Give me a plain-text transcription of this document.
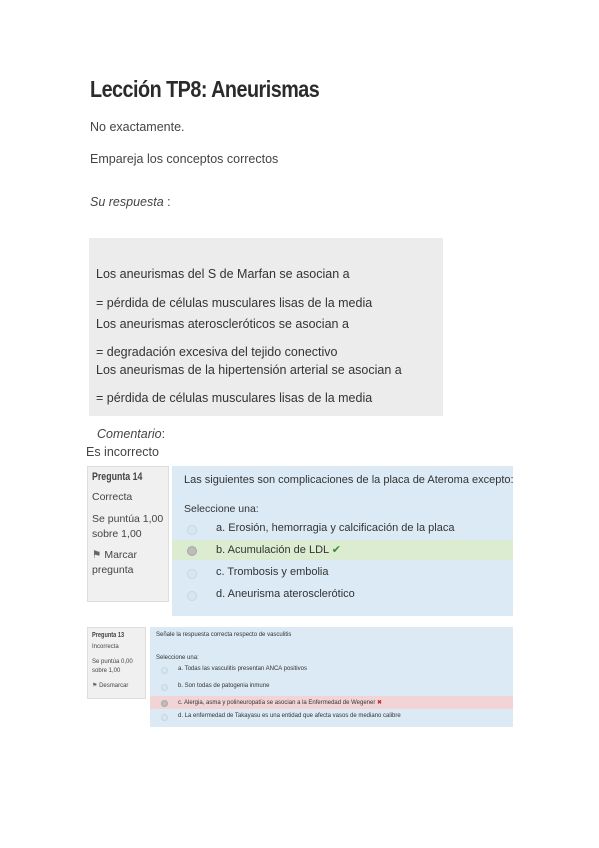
Lección TP8: Aneurismas
No exactamente.
Empareja los conceptos correctos
Su respuesta :
Los aneurismas del S de Marfan se asocian a
= pérdida de células musculares lisas de la media
Los aneurismas ateroscleróticos se asocian a
= degradación excesiva del tejido conectivo
Los aneurismas de la hipertensión arterial se asocian a
= pérdida de células musculares lisas de la media
Comentario:
Es incorrecto
Pregunta 14
Correcta
Se puntúa 1,00
sobre 1,00
⚑ Marcar
pregunta
Las siguientes son complicaciones de la placa de Ateroma excepto:
Seleccione una:
a. Erosión, hemorragia y calcificación de la placa
b. Acumulación de LDL ✔
c. Trombosis y embolia
d. Aneurisma aterosclerótico
Pregunta 13
Incorrecta
Se puntúa 0,00
sobre 1,00
⚑ Desmarcar
Señale la respuesta correcta respecto de vasculitis
Seleccione una:
a. Todas las vasculitis presentan ANCA positivos
b. Son todas de patogenia inmune
c. Alergia, asma y polineuropatía se asocian a la Enfermedad de Wegener ✖
d. La enfermedad de Takayasu es una entidad que afecta vasos de mediano calibre
